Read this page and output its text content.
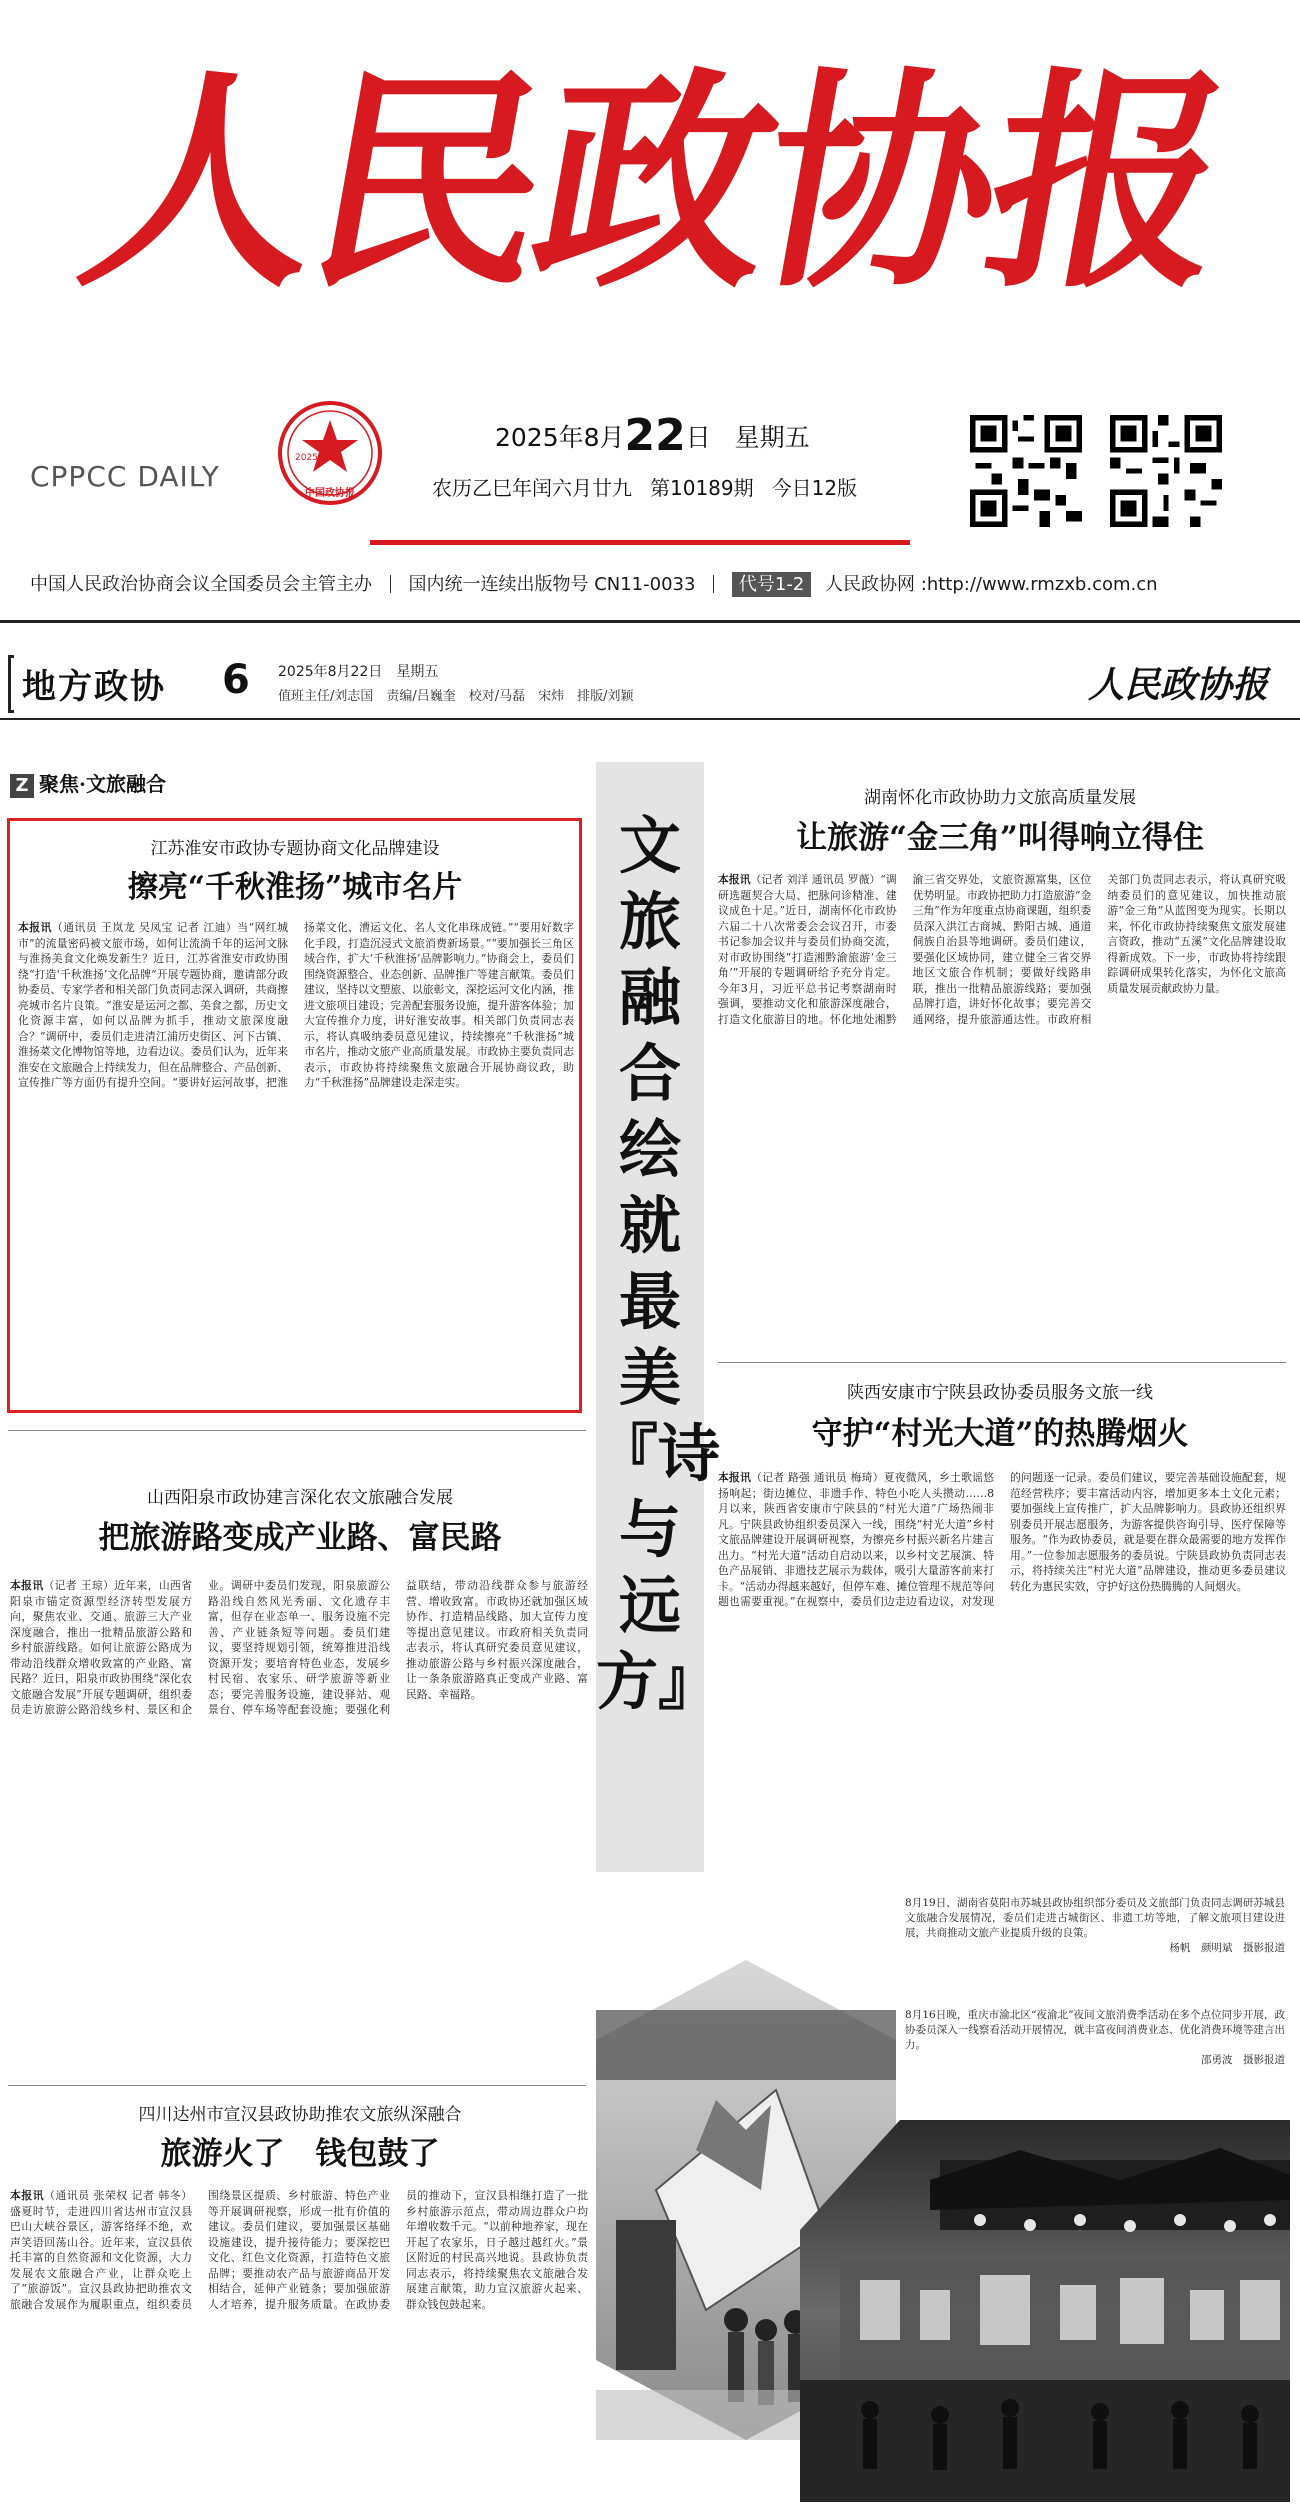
人民政协报
CPPCC DAILY
2025
中国政协报
2025年8月22日 星期五
农历乙巳年闰六月廿九 第10189期 今日12版
中国人民政治协商会议全国委员会主管主办 国内统一连续出版物号 CN11-0033 代号1-2 人民政协网 :http://www.rmzxb.com.cn
地方政协 6 2025年8月22日　星期五
值班主任/刘志国　责编/吕巍奎　校对/马磊　宋炜　排版/刘颖	人民政协报
Z 聚焦·文旅融合
江苏淮安市政协专题协商文化品牌建设
擦亮“千秋淮扬”城市名片
本报讯（通讯员 王岚龙 吴凤宝 记者 江迪）当“网红城市”的流量密码被文旅市场，如何让流淌千年的运河文脉与淮扬美食文化焕发新生？近日，江苏省淮安市政协围绕“打造‘千秋淮扬’文化品牌”开展专题协商，邀请部分政协委员、专家学者和相关部门负责同志深入调研，共商擦亮城市名片良策。“淮安是运河之都、美食之都，历史文化资源丰富，如何以品牌为抓手，推动文旅深度融合？”调研中，委员们走进清江浦历史街区、河下古镇、淮扬菜文化博物馆等地，边看边议。委员们认为，近年来淮安在文旅融合上持续发力，但在品牌整合、产品创新、宣传推广等方面仍有提升空间。“要讲好运河故事，把淮扬菜文化、漕运文化、名人文化串珠成链。”“要用好数字化手段，打造沉浸式文旅消费新场景。”“要加强长三角区域合作，扩大‘千秋淮扬’品牌影响力。”协商会上，委员们围绕资源整合、业态创新、品牌推广等建言献策。委员们建议，坚持以文塑旅、以旅彰文，深挖运河文化内涵，推进文旅项目建设；完善配套服务设施，提升游客体验；加大宣传推介力度，讲好淮安故事。相关部门负责同志表示，将认真吸纳委员意见建议，持续擦亮“千秋淮扬”城市名片，推动文旅产业高质量发展。市政协主要负责同志表示，市政协将持续聚焦文旅融合开展协商议政，助力“千秋淮扬”品牌建设走深走实。
文旅融合绘就最美『诗与远方』
湖南怀化市政协助力文旅高质量发展
让旅游“金三角”叫得响立得住
本报讯（记者 刘洋 通讯员 罗薇）“调研选题契合大局、把脉问诊精准、建议成色十足。”近日，湖南怀化市政协六届二十八次常委会会议召开，市委书记参加会议并与委员们协商交流，对市政协围绕“打造湘黔渝旅游‘金三角’”开展的专题调研给予充分肯定。今年3月，习近平总书记考察湖南时强调，要推动文化和旅游深度融合，打造文化旅游目的地。怀化地处湘黔渝三省交界处，文旅资源富集，区位优势明显。市政协把助力打造旅游“金三角”作为年度重点协商课题，组织委员深入洪江古商城、黔阳古城、通道侗族自治县等地调研。委员们建议，要强化区域协同，建立健全三省交界地区文旅合作机制；要做好线路串联，推出一批精品旅游线路；要加强品牌打造，讲好怀化故事；要完善交通网络，提升旅游通达性。市政府相关部门负责同志表示，将认真研究吸纳委员们的意见建议，加快推动旅游“金三角”从蓝图变为现实。长期以来，怀化市政协持续聚焦文旅发展建言资政，推动“五溪”文化品牌建设取得新成效。下一步，市政协将持续跟踪调研成果转化落实，为怀化文旅高质量发展贡献政协力量。
陕西安康市宁陕县政协委员服务文旅一线
守护“村光大道”的热腾烟火
本报讯（记者 路强 通讯员 梅琦）夏夜微风，乡土歌谣悠扬响起；街边摊位、非遗手作、特色小吃人头攒动……8月以来，陕西省安康市宁陕县的“村光大道”广场热闹非凡。宁陕县政协组织委员深入一线，围绕“村光大道”乡村文旅品牌建设开展调研视察，为擦亮乡村振兴新名片建言出力。“村光大道”活动自启动以来，以乡村文艺展演、特色产品展销、非遗技艺展示为载体，吸引大量游客前来打卡。“活动办得越来越好，但停车难、摊位管理不规范等问题也需要重视。”在视察中，委员们边走边看边议，对发现的问题逐一记录。委员们建议，要完善基础设施配套，规范经营秩序；要丰富活动内容，增加更多本土文化元素；要加强线上宣传推广，扩大品牌影响力。县政协还组织界别委员开展志愿服务，为游客提供咨询引导、医疗保障等服务。“作为政协委员，就是要在群众最需要的地方发挥作用。”一位参加志愿服务的委员说。宁陕县政协负责同志表示，将持续关注“村光大道”品牌建设，推动更多委员建议转化为惠民实效，守护好这份热腾腾的人间烟火。
山西阳泉市政协建言深化农文旅融合发展
把旅游路变成产业路、富民路
本报讯（记者 王琼）近年来，山西省阳泉市锚定资源型经济转型发展方向，聚焦农业、交通、旅游三大产业深度融合，推出一批精品旅游公路和乡村旅游线路。如何让旅游公路成为带动沿线群众增收致富的产业路、富民路？近日，阳泉市政协围绕“深化农文旅融合发展”开展专题调研，组织委员走访旅游公路沿线乡村、景区和企业。调研中委员们发现，阳泉旅游公路沿线自然风光秀丽、文化遗存丰富，但存在业态单一、服务设施不完善、产业链条短等问题。委员们建议，要坚持规划引领，统筹推进沿线资源开发；要培育特色业态，发展乡村民宿、农家乐、研学旅游等新业态；要完善服务设施，建设驿站、观景台、停车场等配套设施；要强化利益联结，带动沿线群众参与旅游经营、增收致富。市政协还就加强区域协作、打造精品线路、加大宣传力度等提出意见建议。市政府相关负责同志表示，将认真研究委员意见建议，推动旅游公路与乡村振兴深度融合，让一条条旅游路真正变成产业路、富民路、幸福路。
四川达州市宣汉县政协助推农文旅纵深融合
旅游火了　钱包鼓了
本报讯（通讯员 张荣权 记者 韩冬）盛夏时节，走进四川省达州市宣汉县巴山大峡谷景区，游客络绎不绝，欢声笑语回荡山谷。近年来，宣汉县依托丰富的自然资源和文化资源，大力发展农文旅融合产业，让群众吃上了“旅游饭”。宣汉县政协把助推农文旅融合发展作为履职重点，组织委员围绕景区提质、乡村旅游、特色产业等开展调研视察，形成一批有价值的建议。委员们建议，要加强景区基础设施建设，提升接待能力；要深挖巴文化、红色文化资源，打造特色文旅品牌；要推动农产品与旅游商品开发相结合，延伸产业链条；要加强旅游人才培养，提升服务质量。在政协委员的推动下，宣汉县相继打造了一批乡村旅游示范点，带动周边群众户均年增收数千元。“以前种地养家，现在开起了农家乐，日子越过越红火。”景区附近的村民高兴地说。县政协负责同志表示，将持续聚焦农文旅融合发展建言献策，助力宣汉旅游火起来、群众钱包鼓起来。
8月19日，湖南省莫阳市苏城县政协组织部分委员及文旅部门负责同志调研苏城县文旅融合发展情况，委员们走进古城街区、非遗工坊等地，了解文旅项目建设进展，共商推动文旅产业提质升级的良策。
杨帆　颜明斌　摄影报道
8月16日晚，重庆市渝北区“夜渝北”夜间文旅消费季活动在多个点位同步开展，政协委员深入一线察看活动开展情况，就丰富夜间消费业态、优化消费环境等建言出力。
邵勇波　摄影报道
